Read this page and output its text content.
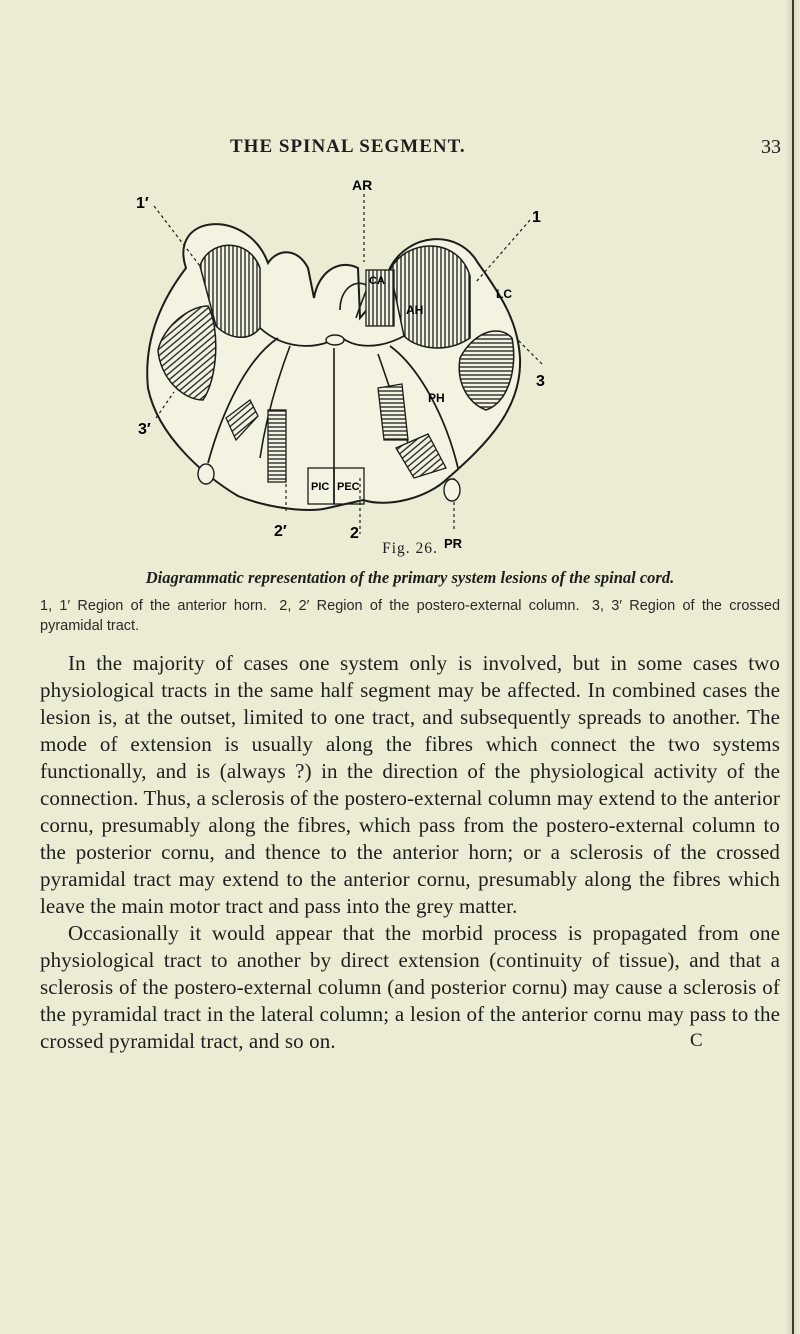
THE SPINAL SEGMENT.	33
AR
1′
1
CA
AH
LC
PH
3′
3
PIC PEC
2′	2
PR

Fig. 26.

Diagrammatic representation of the primary system lesions of the spinal cord.

1, 1′ Region of the anterior horn. 2, 2′ Region of the postero-external column. 3, 3′ Region of the crossed pyramidal tract.

In the majority of cases one system only is involved, but in some cases two physiological tracts in the same half segment may be affected. In combined cases the lesion is, at the outset, limited to one tract, and subsequently spreads to another. The mode of extension is usually along the fibres which connect the two systems functionally, and is (always ?) in the direction of the physiological activity of the connection. Thus, a sclerosis of the postero-external column may extend to the anterior cornu, presumably along the fibres, which pass from the postero-external column to the posterior cornu, and thence to the anterior horn; or a sclerosis of the crossed pyramidal tract may extend to the anterior cornu, presumably along the fibres which leave the main motor tract and pass into the grey matter.

Occasionally it would appear that the morbid process is propagated from one physiological tract to another by direct extension (continuity of tissue), and that a sclerosis of the postero-external column (and posterior cornu) may cause a sclerosis of the pyramidal tract in the lateral column; a lesion of the anterior cornu may pass to the crossed pyramidal tract, and so on.	C
